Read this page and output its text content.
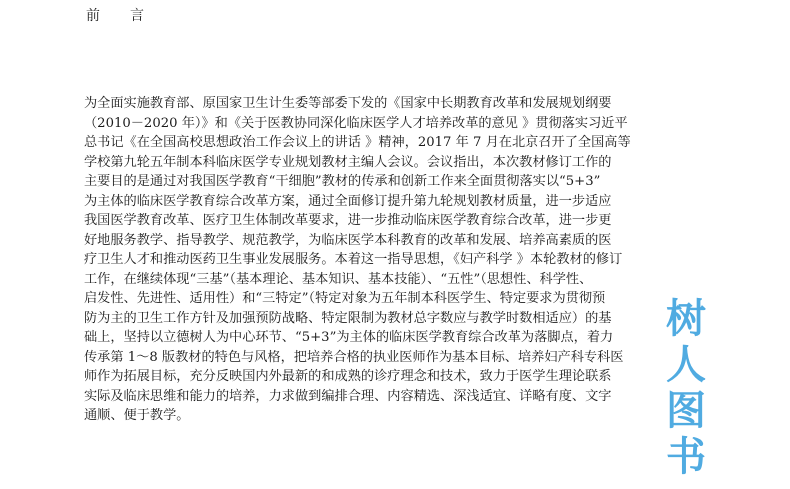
前言
为全面实施教育部、原国家卫生计生委等部委下发的《国家中长期教育改革和发展规划纲要
（2010－2020 年）》和《关于医教协同深化临床医学人才培养改革的意见 》贯彻落实习近平
总书记《在全国高校思想政治工作会议上的讲话 》精神，2017 年 7 月在北京召开了全国高等
学校第九轮五年制本科临床医学专业规划教材主编人会议。会议指出，本次教材修订工作的
主要目的是通过对我国医学教育“干细胞”教材的传承和创新工作来全面贯彻落实以“5+3”
为主体的临床医学教育综合改革方案，通过全面修订提升第九轮规划教材质量，进一步适应
我国医学教育改革、医疗卫生体制改革要求，进一步推动临床医学教育综合改革，进一步更
好地服务教学、指导教学、规范教学，为临床医学本科教育的改革和发展、培养高素质的医
疗卫生人才和推动医药卫生事业发展服务。本着这一指导思想，《妇产科学 》本轮教材的修订
工作，在继续体现“三基”（基本理论、基本知识、基本技能）、“五性”（思想性、科学性、
启发性、先进性、适用性）和“三特定”（特定对象为五年制本科医学生、特定要求为贯彻预
防为主的卫生工作方针及加强预防战略、特定限制为教材总字数应与教学时数相适应）的基
础上，坚持以立德树人为中心环节、“5+3”为主体的临床医学教育综合改革为落脚点，着力
传承第 1～8 版教材的特色与风格，把培养合格的执业医师作为基本目标、培养妇产科专科医
师作为拓展目标，充分反映国内外最新的和成熟的诊疗理念和技术，致力于医学生理论联系
实际及临床思维和能力的培养，力求做到编排合理、内容精选、深浅适宜、详略有度、文字
通顺、便于教学。
树
人
图
书
